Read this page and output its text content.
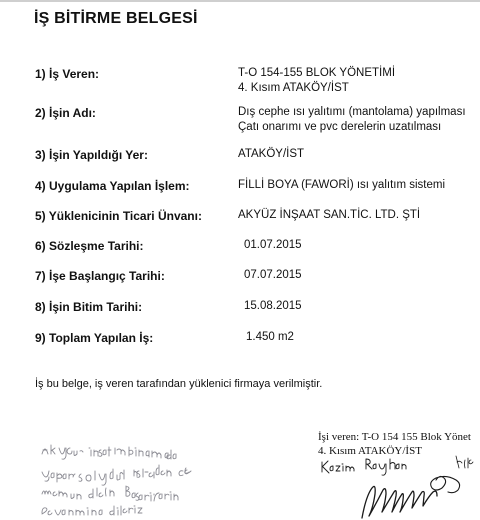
İŞ BİTİRME BELGESİ
1) İş Veren:	T-O 154-155 BLOK YÖNETİMİ
4. Kısım ATAKÖY/İST
2) İşin Adı:	Dış cephe ısı yalıtımı (mantolama) yapılması
Çatı onarımı ve pvc derelerin uzatılması
3) İşin Yapıldığı Yer:	ATAKÖY/İST
4) Uygulama Yapılan İşlem:	FİLLİ BOYA (FAWORİ) ısı yalıtım sistemi
5) Yüklenicinin Ticari Ünvanı:	AKYÜZ İNŞAAT SAN.TİC. LTD. ŞTİ
6) Sözleşme Tarihi:	01.07.2015
7) İşe Başlangıç Tarihi:	07.07.2015
8) İşin Bitim Tarihi:	15.08.2015
9) Toplam Yapılan İş:	1.450 m2
İş bu belge, iş veren tarafından yüklenici firmaya verilmiştir.
İşi veren: T-O 154 155 Blok Yönet
4. Kısım ATAKÖY/İST
